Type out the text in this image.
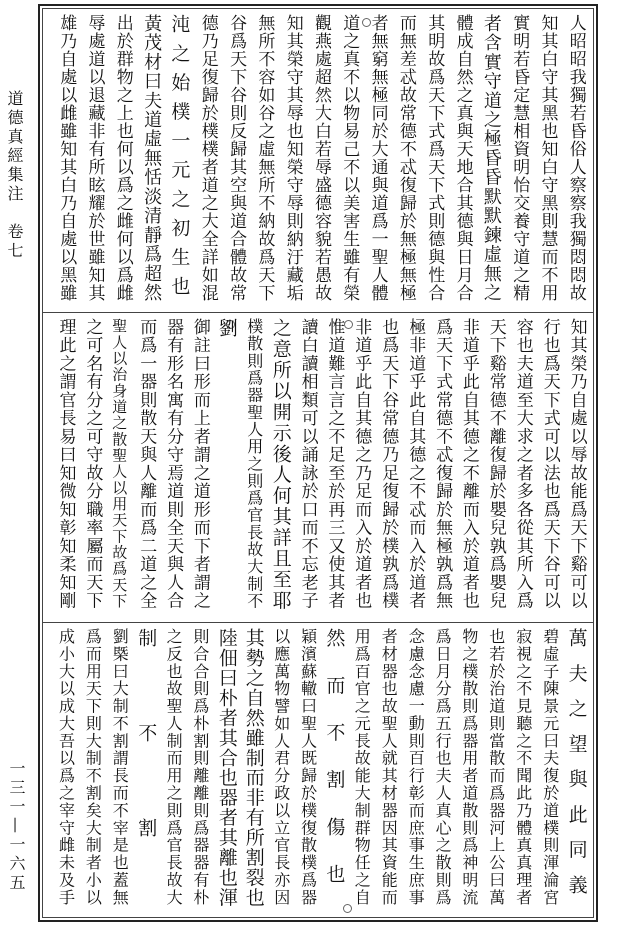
道德真經集注　卷七
一三一—一六五
人昭昭我獨若昏俗人察察我獨悶悶故
知其白守其黑也知白守黑則慧而不用
實明若昏定慧相資明怡交養守道之精
者含實守道之極昏昏默默鍊虛無之
體成自然之真與天地合其德與日月合
其明故爲天下式爲天下式則德與性合
而無差忒故常德不忒復歸於無極無極
者無窮無極同於大通與道爲一聖人體
道之真不以物易己不以美害生雖有榮
觀燕處超然大白若辱盛德容貌若愚故
知其榮守其辱也知榮守辱則納汙藏垢
無所不容如谷之虛無所不納故爲天下
谷爲天下谷則反歸其空與道合體故常
德乃足復歸於樸樸者道之大全詳如混
沌之始樸一元之初生也
黃茂材曰夫道虛無恬淡清靜爲超然
出於群物之上也何以爲之雌何以爲雌
辱處道以退藏非有所眩耀於世雖知其
雄乃自處以雌雖知其白乃自處以黑雖
知其榮乃自處以辱故能爲天下谿可以
行也爲天下式可以法也爲天下谷可以
容也夫道至大求之者多各從其所入爲
天下谿常德不離復歸於嬰兒孰爲嬰兒
非道乎此自其德之不離而入於道者也
爲天下式常德不忒復歸於無極孰爲無
極非道乎此自其德之不忒而入於道者
也爲天下谷常德乃足復歸於樸孰爲樸
非道乎此自其德之乃足而入於道者也
惟道難言言之不足至於再三又使其者
讀白讀相類可以誦詠於口而不忘老子
之意所以開示後人何其詳且至耶
樸散則爲器聖人用之則爲官長故大制不
劉
御註曰形而上者謂之道形而下者謂之
器有形名寓有分守焉道則全天與人合
而爲一器則散天與人離而爲二道之全
聖人以治身道之散聖人以用天下故爲天下
之可名有分之可守故分職率屬而天下
理此之謂官長易曰知微知彰知柔知剛
萬夫之望與此同義
碧虛子陳景元曰夫復於道樸則渾淪宮
寂視之不見聽之不聞此乃體真真理者
也若於治道則當散而爲器河上公曰萬
物之樸散則爲器用者道散則爲神明流
爲日月分爲五行也夫人真心之散則爲
念慮念慮一動則百行彰而庶事生庶事
者材器也故聖人就其材器因其資能而
用爲百官之元長故能大制群物任之自
然而不割傷也
穎濱蘇轍曰聖人既歸於樸復散樸爲器
以應萬物譬如人君分政以立官長亦因
其勢之自然雖制而非有所割裂也
陸佃曰朴者其合也器者其離也渾
則合合則爲朴割則離離則爲器器有朴
之反也故聖人制而用之則爲官長故大
制不割
劉槩曰大制不割謂長而不宰是也蓋無
爲而用天下則大制不割矣大制者小以
成小大以成大吾以爲之宰守雌未及手
